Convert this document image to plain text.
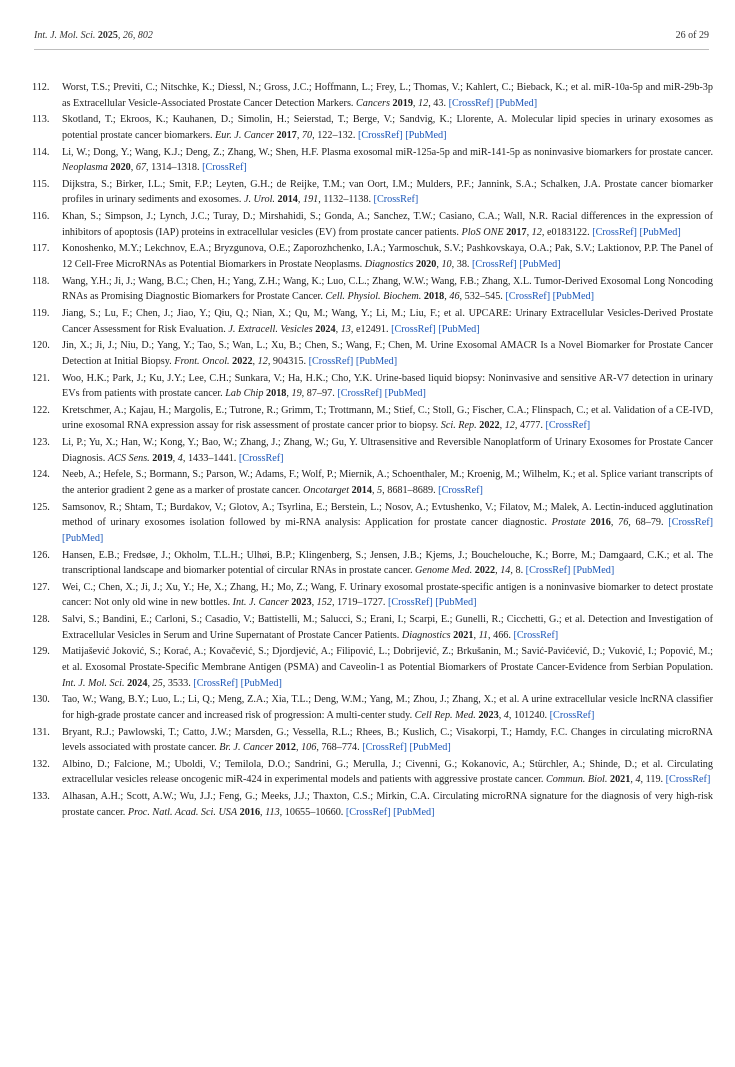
Int. J. Mol. Sci. 2025, 26, 802	26 of 29
112.	Worst, T.S.; Previti, C.; Nitschke, K.; Diessl, N.; Gross, J.C.; Hoffmann, L.; Frey, L.; Thomas, V.; Kahlert, C.; Bieback, K.; et al. miR-10a-5p and miR-29b-3p as Extracellular Vesicle-Associated Prostate Cancer Detection Markers. Cancers 2019, 12, 43. [CrossRef] [PubMed]
113.	Skotland, T.; Ekroos, K.; Kauhanen, D.; Simolin, H.; Seierstad, T.; Berge, V.; Sandvig, K.; Llorente, A. Molecular lipid species in urinary exosomes as potential prostate cancer biomarkers. Eur. J. Cancer 2017, 70, 122–132. [CrossRef] [PubMed]
114.	Li, W.; Dong, Y.; Wang, K.J.; Deng, Z.; Zhang, W.; Shen, H.F. Plasma exosomal miR-125a-5p and miR-141-5p as noninvasive biomarkers for prostate cancer. Neoplasma 2020, 67, 1314–1318. [CrossRef]
115.	Dijkstra, S.; Birker, I.L.; Smit, F.P.; Leyten, G.H.; de Reijke, T.M.; van Oort, I.M.; Mulders, P.F.; Jannink, S.A.; Schalken, J.A. Prostate cancer biomarker profiles in urinary sediments and exosomes. J. Urol. 2014, 191, 1132–1138. [CrossRef]
116.	Khan, S.; Simpson, J.; Lynch, J.C.; Turay, D.; Mirshahidi, S.; Gonda, A.; Sanchez, T.W.; Casiano, C.A.; Wall, N.R. Racial differences in the expression of inhibitors of apoptosis (IAP) proteins in extracellular vesicles (EV) from prostate cancer patients. PloS ONE 2017, 12, e0183122. [CrossRef] [PubMed]
117.	Konoshenko, M.Y.; Lekchnov, E.A.; Bryzgunova, O.E.; Zaporozhchenko, I.A.; Yarmoschuk, S.V.; Pashkovskaya, O.A.; Pak, S.V.; Laktionov, P.P. The Panel of 12 Cell-Free MicroRNAs as Potential Biomarkers in Prostate Neoplasms. Diagnostics 2020, 10, 38. [CrossRef] [PubMed]
118.	Wang, Y.H.; Ji, J.; Wang, B.C.; Chen, H.; Yang, Z.H.; Wang, K.; Luo, C.L.; Zhang, W.W.; Wang, F.B.; Zhang, X.L. Tumor-Derived Exosomal Long Noncoding RNAs as Promising Diagnostic Biomarkers for Prostate Cancer. Cell. Physiol. Biochem. 2018, 46, 532–545. [CrossRef] [PubMed]
119.	Jiang, S.; Lu, F.; Chen, J.; Jiao, Y.; Qiu, Q.; Nian, X.; Qu, M.; Wang, Y.; Li, M.; Liu, F.; et al. UPCARE: Urinary Extracellular Vesicles-Derived Prostate Cancer Assessment for Risk Evaluation. J. Extracell. Vesicles 2024, 13, e12491. [CrossRef] [PubMed]
120.	Jin, X.; Ji, J.; Niu, D.; Yang, Y.; Tao, S.; Wan, L.; Xu, B.; Chen, S.; Wang, F.; Chen, M. Urine Exosomal AMACR Is a Novel Biomarker for Prostate Cancer Detection at Initial Biopsy. Front. Oncol. 2022, 12, 904315. [CrossRef] [PubMed]
121.	Woo, H.K.; Park, J.; Ku, J.Y.; Lee, C.H.; Sunkara, V.; Ha, H.K.; Cho, Y.K. Urine-based liquid biopsy: Noninvasive and sensitive AR-V7 detection in urinary EVs from patients with prostate cancer. Lab Chip 2018, 19, 87–97. [CrossRef] [PubMed]
122.	Kretschmer, A.; Kajau, H.; Margolis, E.; Tutrone, R.; Grimm, T.; Trottmann, M.; Stief, C.; Stoll, G.; Fischer, C.A.; Flinspach, C.; et al. Validation of a CE-IVD, urine exosomal RNA expression assay for risk assessment of prostate cancer prior to biopsy. Sci. Rep. 2022, 12, 4777. [CrossRef]
123.	Li, P.; Yu, X.; Han, W.; Kong, Y.; Bao, W.; Zhang, J.; Zhang, W.; Gu, Y. Ultrasensitive and Reversible Nanoplatform of Urinary Exosomes for Prostate Cancer Diagnosis. ACS Sens. 2019, 4, 1433–1441. [CrossRef]
124.	Neeb, A.; Hefele, S.; Bormann, S.; Parson, W.; Adams, F.; Wolf, P.; Miernik, A.; Schoenthaler, M.; Kroenig, M.; Wilhelm, K.; et al. Splice variant transcripts of the anterior gradient 2 gene as a marker of prostate cancer. Oncotarget 2014, 5, 8681–8689. [CrossRef]
125.	Samsonov, R.; Shtam, T.; Burdakov, V.; Glotov, A.; Tsyrlina, E.; Berstein, L.; Nosov, A.; Evtushenko, V.; Filatov, M.; Malek, A. Lectin-induced agglutination method of urinary exosomes isolation followed by mi-RNA analysis: Application for prostate cancer diagnostic. Prostate 2016, 76, 68–79. [CrossRef] [PubMed]
126.	Hansen, E.B.; Fredsøe, J.; Okholm, T.L.H.; Ulhøi, B.P.; Klingenberg, S.; Jensen, J.B.; Kjems, J.; Bouchelouche, K.; Borre, M.; Damgaard, C.K.; et al. The transcriptional landscape and biomarker potential of circular RNAs in prostate cancer. Genome Med. 2022, 14, 8. [CrossRef] [PubMed]
127.	Wei, C.; Chen, X.; Ji, J.; Xu, Y.; He, X.; Zhang, H.; Mo, Z.; Wang, F. Urinary exosomal prostate-specific antigen is a noninvasive biomarker to detect prostate cancer: Not only old wine in new bottles. Int. J. Cancer 2023, 152, 1719–1727. [CrossRef] [PubMed]
128.	Salvi, S.; Bandini, E.; Carloni, S.; Casadio, V.; Battistelli, M.; Salucci, S.; Erani, I.; Scarpi, E.; Gunelli, R.; Cicchetti, G.; et al. Detection and Investigation of Extracellular Vesicles in Serum and Urine Supernatant of Prostate Cancer Patients. Diagnostics 2021, 11, 466. [CrossRef]
129.	Matijašević Joković, S.; Korać, A.; Kovačević, S.; Djordjević, A.; Filipović, L.; Dobrijević, Z.; Brkušanin, M.; Savić-Pavićević, D.; Vuković, I.; Popović, M.; et al. Exosomal Prostate-Specific Membrane Antigen (PSMA) and Caveolin-1 as Potential Biomarkers of Prostate Cancer-Evidence from Serbian Population. Int. J. Mol. Sci. 2024, 25, 3533. [CrossRef] [PubMed]
130.	Tao, W.; Wang, B.Y.; Luo, L.; Li, Q.; Meng, Z.A.; Xia, T.L.; Deng, W.M.; Yang, M.; Zhou, J.; Zhang, X.; et al. A urine extracellular vesicle lncRNA classifier for high-grade prostate cancer and increased risk of progression: A multi-center study. Cell Rep. Med. 2023, 4, 101240. [CrossRef]
131.	Bryant, R.J.; Pawlowski, T.; Catto, J.W.; Marsden, G.; Vessella, R.L.; Rhees, B.; Kuslich, C.; Visakorpi, T.; Hamdy, F.C. Changes in circulating microRNA levels associated with prostate cancer. Br. J. Cancer 2012, 106, 768–774. [CrossRef] [PubMed]
132.	Albino, D.; Falcione, M.; Uboldi, V.; Temilola, D.O.; Sandrini, G.; Merulla, J.; Civenni, G.; Kokanovic, A.; Stürchler, A.; Shinde, D.; et al. Circulating extracellular vesicles release oncogenic miR-424 in experimental models and patients with aggressive prostate cancer. Commun. Biol. 2021, 4, 119. [CrossRef]
133.	Alhasan, A.H.; Scott, A.W.; Wu, J.J.; Feng, G.; Meeks, J.J.; Thaxton, C.S.; Mirkin, C.A. Circulating microRNA signature for the diagnosis of very high-risk prostate cancer. Proc. Natl. Acad. Sci. USA 2016, 113, 10655–10660. [CrossRef] [PubMed]
